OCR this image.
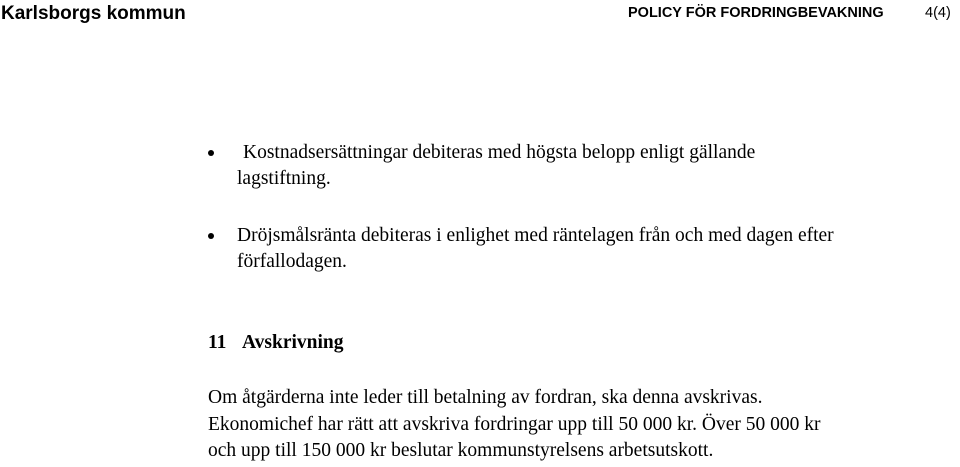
Karlsborgs kommun	POLICY FÖR FORDRINGBEVAKNING	4(4)
Kostnadsersättningar debiteras med högsta belopp enligt gällande
lagstiftning.
Dröjsmålsränta debiteras i enlighet med räntelagen från och med dagen efter
förfallodagen.
11 Avskrivning
Om åtgärderna inte leder till betalning av fordran, ska denna avskrivas.
Ekonomichef har rätt att avskriva fordringar upp till 50 000 kr. Över 50 000 kr
och upp till 150 000 kr beslutar kommunstyrelsens arbetsutskott.
